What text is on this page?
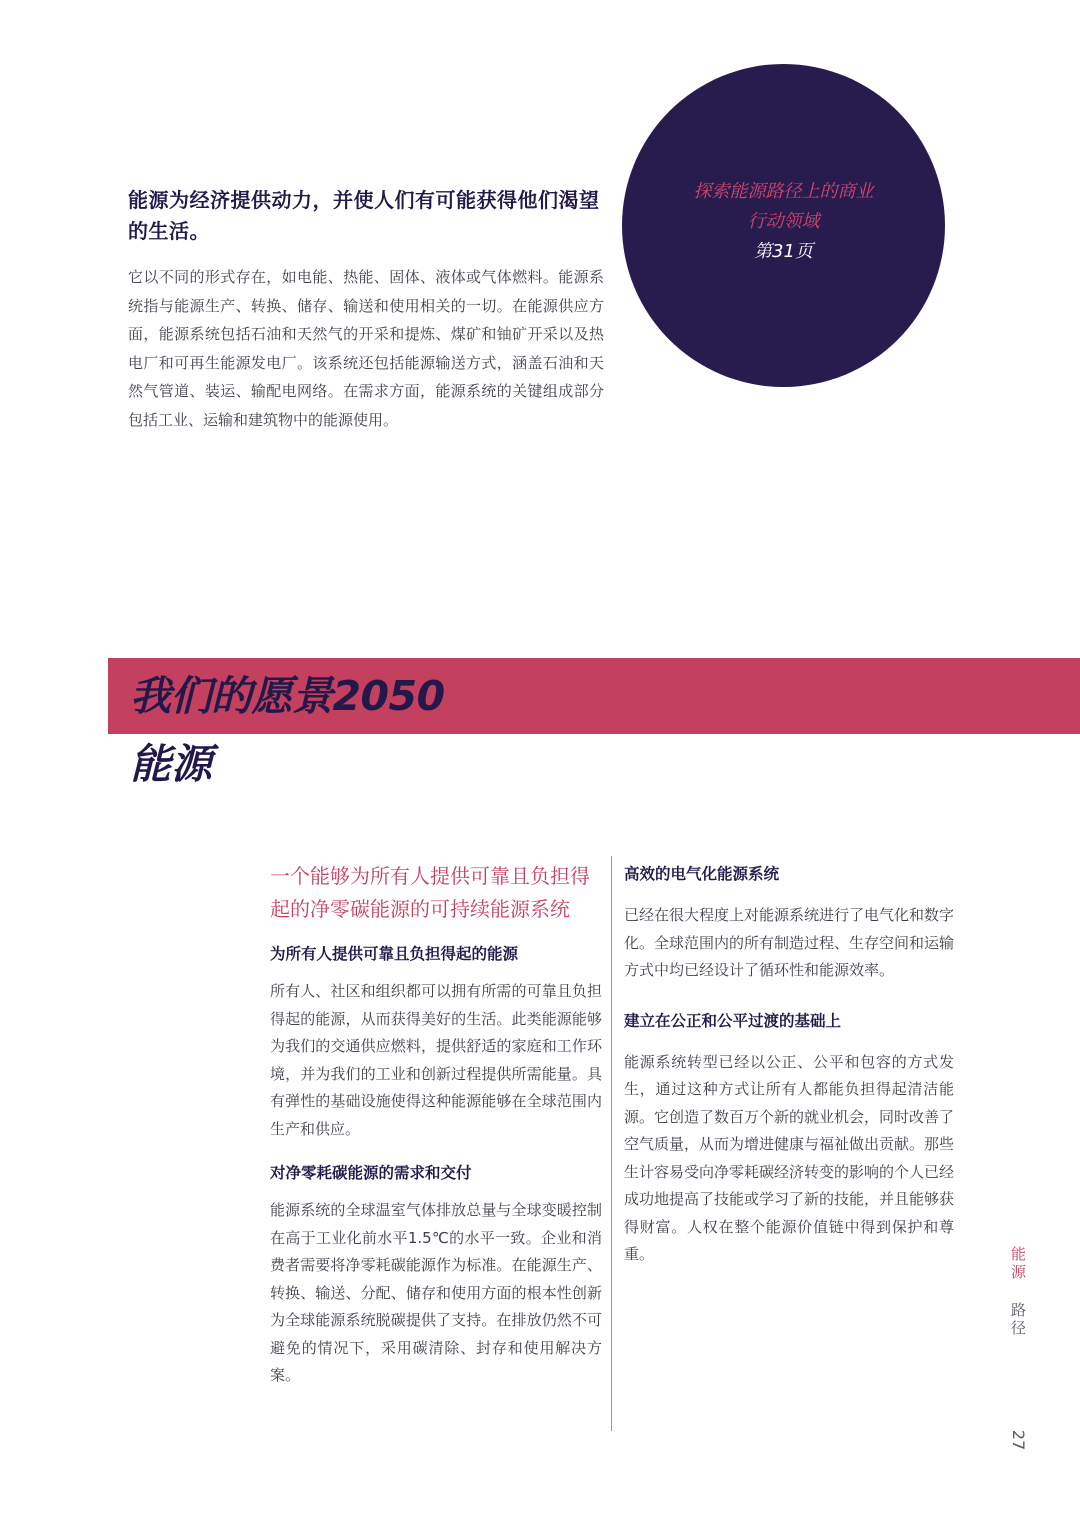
能源为经济提供动力，并使人们有可能获得他们渴望的生活。

它以不同的形式存在，如电能、热能、固体、液体或气体燃料。能源系统指与能源生产、转换、储存、输送和使用相关的一切。在能源供应方面，能源系统包括石油和天然气的开采和提炼、煤矿和铀矿开采以及热电厂和可再生能源发电厂。该系统还包括能源输送方式，涵盖石油和天然气管道、装运、输配电网络。在需求方面，能源系统的关键组成部分包括工业、运输和建筑物中的能源使用。

探索能源路径上的商业
行动领域
第31页
我们的愿景2050
能源
一个能够为所有人提供可靠且负担得起的净零碳能源的可持续能源系统
为所有人提供可靠且负担得起的能源

所有人、社区和组织都可以拥有所需的可靠且负担得起的能源，从而获得美好的生活。此类能源能够为我们的交通供应燃料，提供舒适的家庭和工作环境，并为我们的工业和创新过程提供所需能量。具有弹性的基础设施使得这种能源能够在全球范围内生产和供应。

对净零耗碳能源的需求和交付

能源系统的全球温室气体排放总量与全球变暖控制在高于工业化前水平1.5℃的水平一致。企业和消费者需要将净零耗碳能源作为标准。在能源生产、转换、输送、分配、储存和使用方面的根本性创新为全球能源系统脱碳提供了支持。在排放仍然不可避免的情况下，采用碳清除、封存和使用解决方案。

高效的电气化能源系统

已经在很大程度上对能源系统进行了电气化和数字化。全球范围内的所有制造过程、生存空间和运输方式中均已经设计了循环性和能源效率。

建立在公正和公平过渡的基础上

能源系统转型已经以公正、公平和包容的方式发生，通过这种方式让所有人都能负担得起清洁能源。它创造了数百万个新的就业机会，同时改善了空气质量，从而为增进健康与福祉做出贡献。那些生计容易受向净零耗碳经济转变的影响的个人已经成功地提高了技能或学习了新的技能，并且能够获得财富。人权在整个能源价值链中得到保护和尊重。	能源
路径
27
